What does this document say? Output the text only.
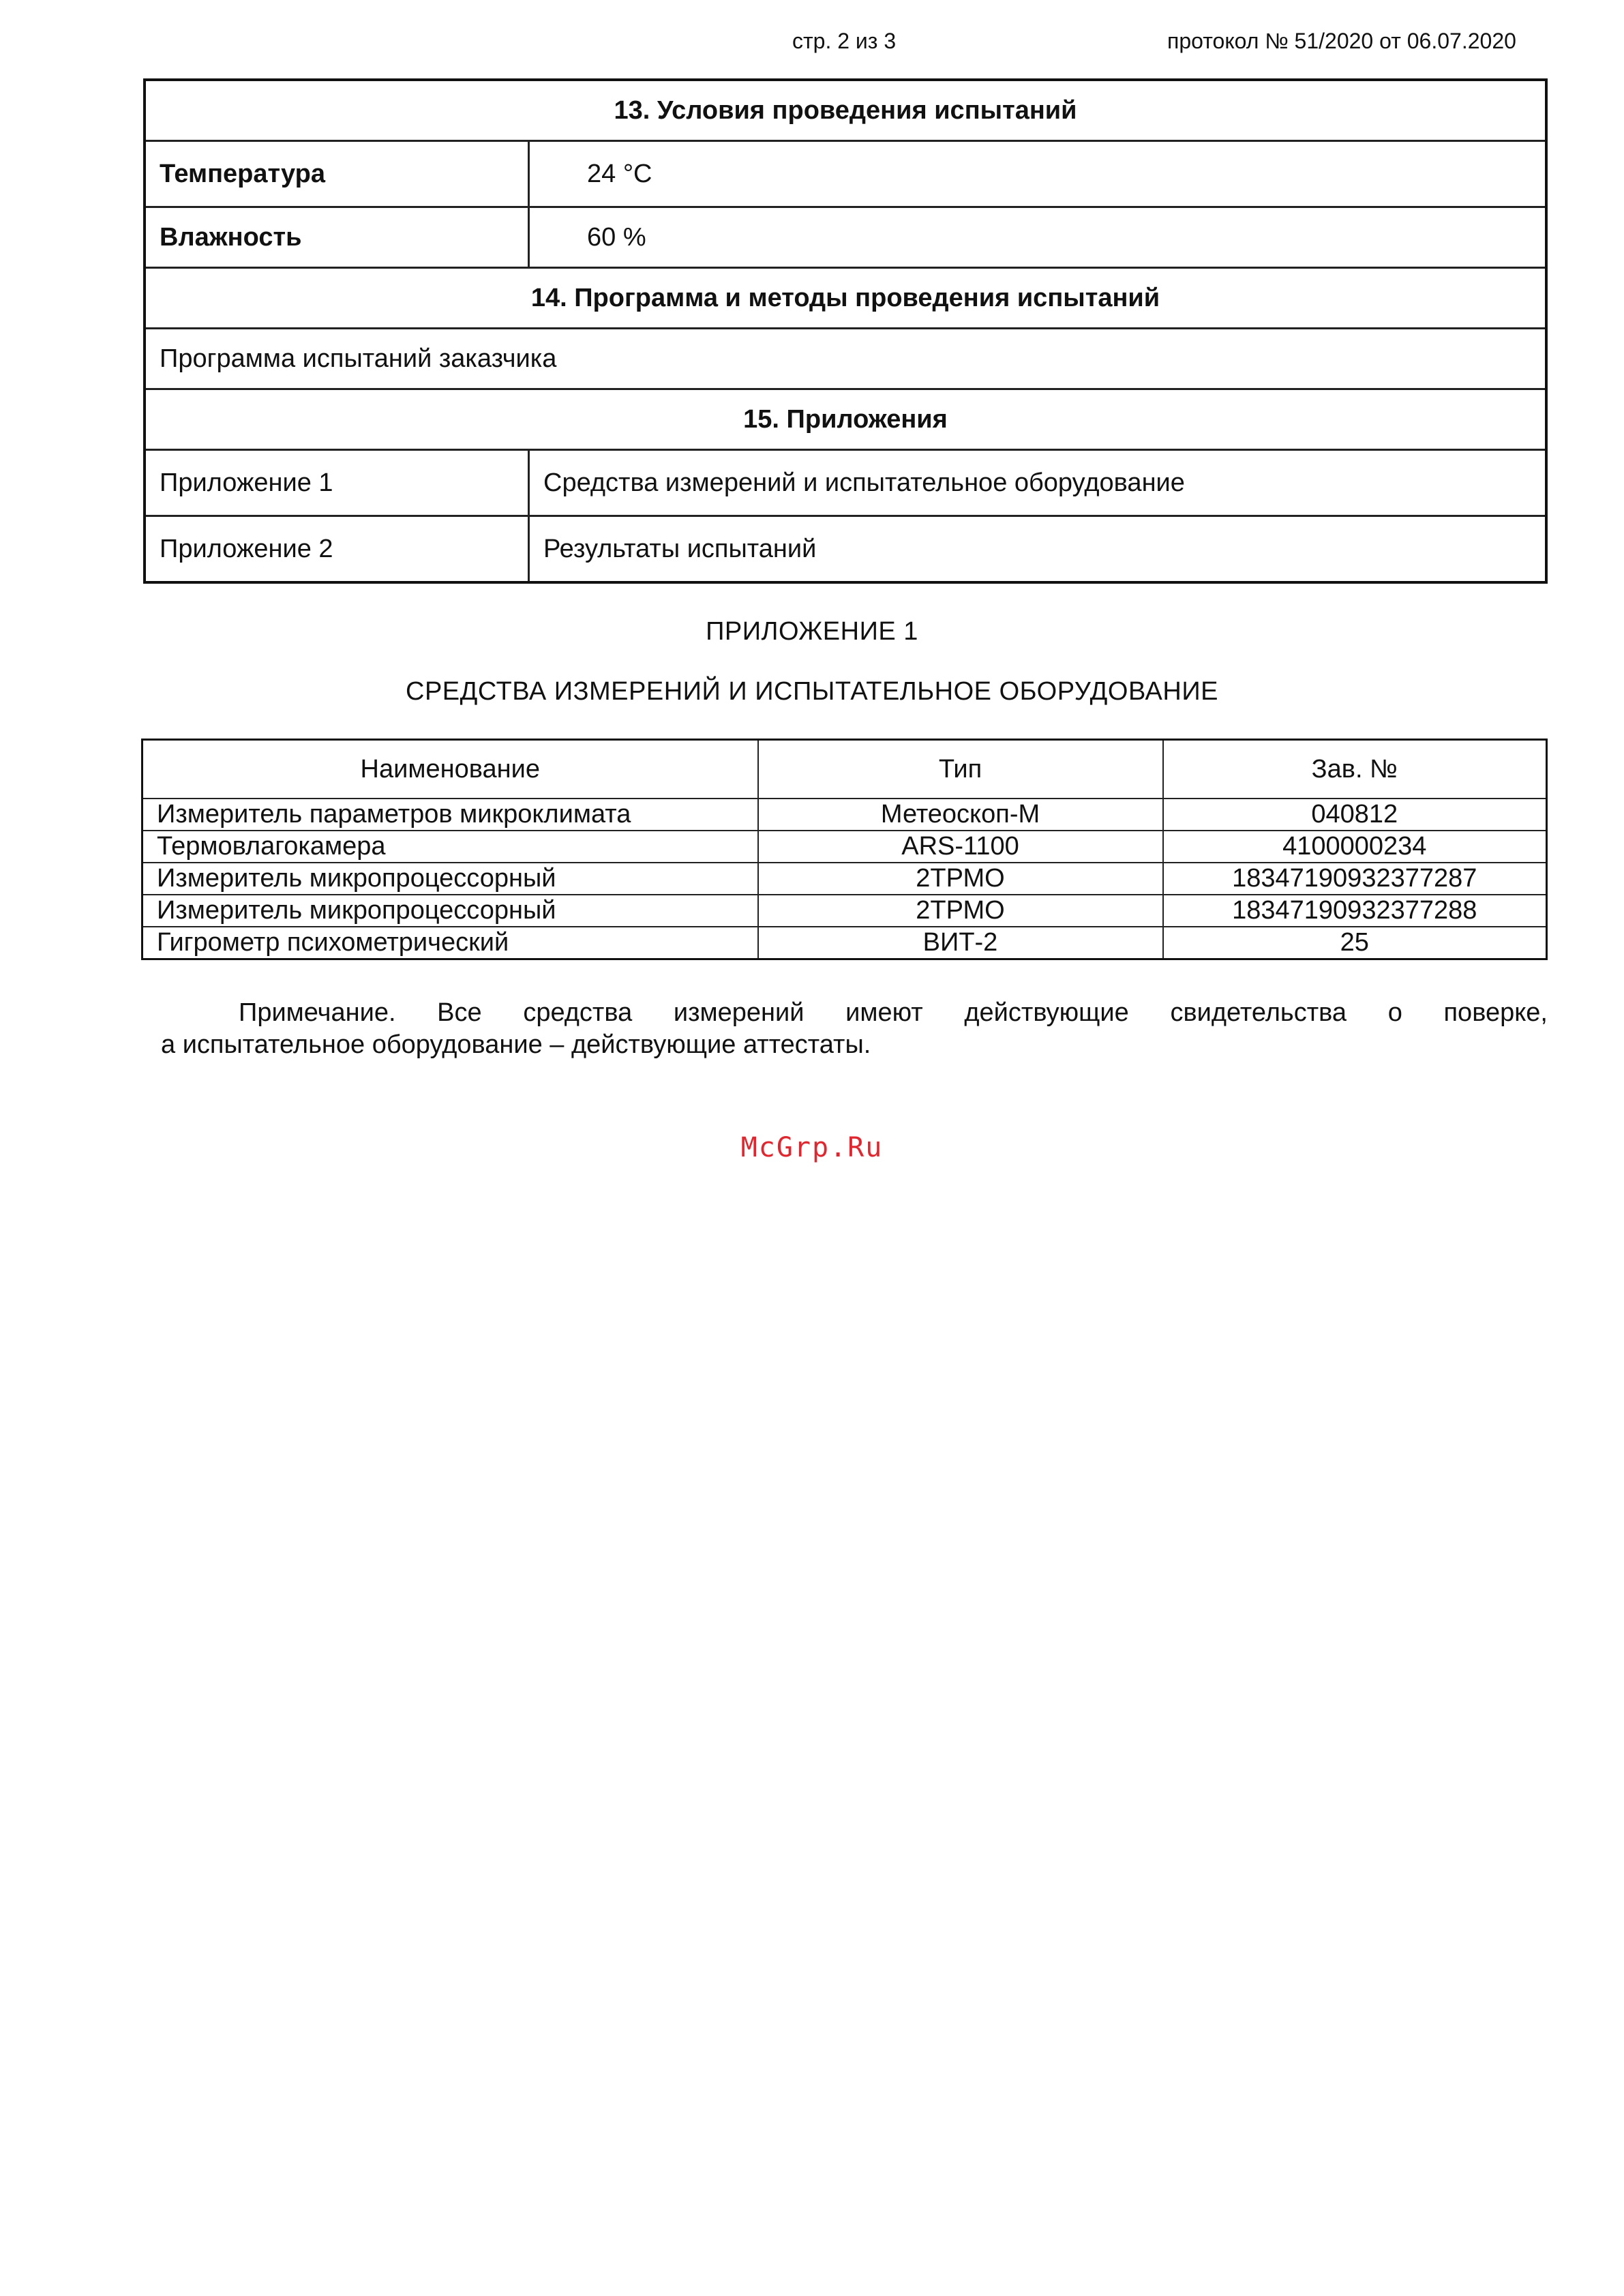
стр. 2 из 3	протокол № 51/2020 от 06.07.2020
13. Условия проведения испытаний	
Температура	24 °C
Влажность	60 %
14. Программа и методы проведения испытаний	
Программа испытаний заказчика	
15. Приложения	
Приложение 1	Средства измерений и испытательное оборудование
Приложение 2	Результаты испытаний
ПРИЛОЖЕНИЕ 1
СРЕДСТВА ИЗМЕРЕНИЙ И ИСПЫТАТЕЛЬНОЕ ОБОРУДОВАНИЕ
Наименование	Тип	Зав. №
Измеритель параметров микроклимата	Метеоскоп-М	040812
Термовлагокамера	ARS-1100	4100000234
Измеритель микропроцессорный	2ТРМО	18347190932377287
Измеритель микропроцессорный	2ТРМО	18347190932377288
Гигрометр психометрический	ВИТ-2	25
Примечание. Все средства измерений имеют действующие свидетельства о поверке,
а испытательное оборудование – действующие аттестаты.
McGrp.Ru
